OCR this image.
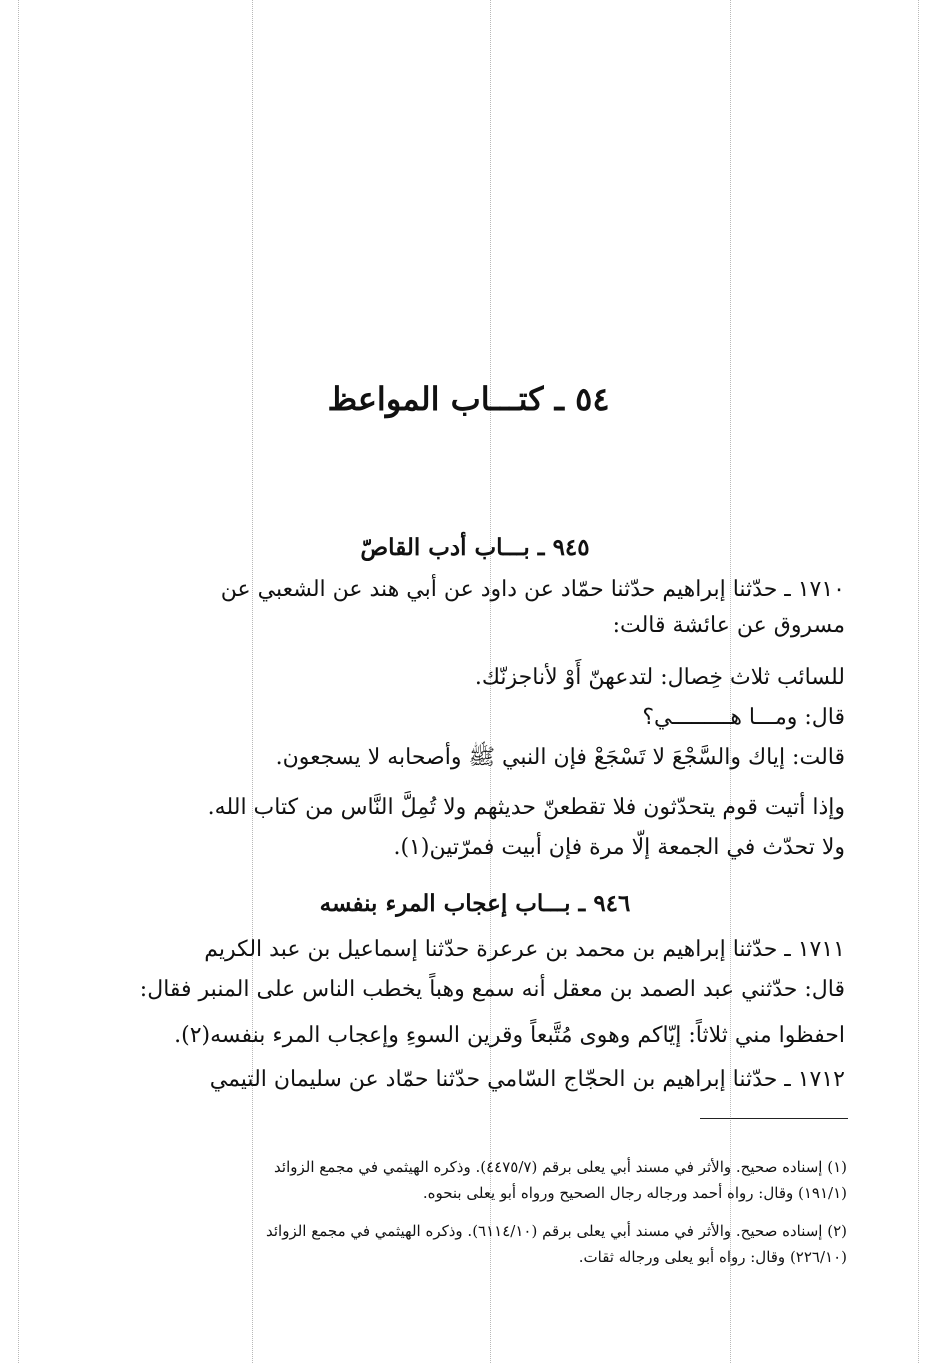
٥٤ ـ كتـــاب المواعظ
٩٤٥ ـ بـــاب أدب القاصّ
١٧١٠ ـ حدّثنا إبراهيم حدّثنا حمّاد عن داود عن أبي هند عن الشعبي عن
مسروق عن عائشة قالت:
للسائب ثلاث خِصال: لتدعهنّ أَوْ لأناجزنّك.
قال: ومـــا هـــــــــي؟
قالت: إياك والسَّجْعَ لا تَسْجَعْ فإن النبي ﷺ وأصحابه لا يسجعون.
وإذا أتيت قوم يتحدّثون فلا تقطعنّ حديثهم ولا تُمِلَّ النَّاس من كتاب الله.
ولا تحدّث في الجمعة إلّا مرة فإن أبيت فمرّتين(١).
٩٤٦ ـ بـــاب إعجاب المرء بنفسه
١٧١١ ـ حدّثنا إبراهيم بن محمد بن عرعرة حدّثنا إسماعيل بن عبد الكريم
قال: حدّثني عبد الصمد بن معقل أنه سمع وهباً يخطب الناس على المنبر فقال:
احفظوا مني ثلاثاً: إيّاكم وهوى مُتَّبعاً وقرين السوءِ وإعجاب المرء بنفسه(٢).
١٧١٢ ـ حدّثنا إبراهيم بن الحجّاج السّامي حدّثنا حمّاد عن سليمان التيمي
(١) إسناده صحيح. والأثر في مسند أبي يعلى برقم (٤٤٧٥/٧). وذكره الهيثمي في مجمع الزوائد
(١٩١/١) وقال: رواه أحمد ورجاله رجال الصحيح ورواه أبو يعلى بنحوه.
(٢) إسناده صحيح. والأثر في مسند أبي يعلى برقم (٦١١٤/١٠). وذكره الهيثمي في مجمع الزوائد
(٢٢٦/١٠) وقال: رواه أبو يعلى ورجاله ثقات.
